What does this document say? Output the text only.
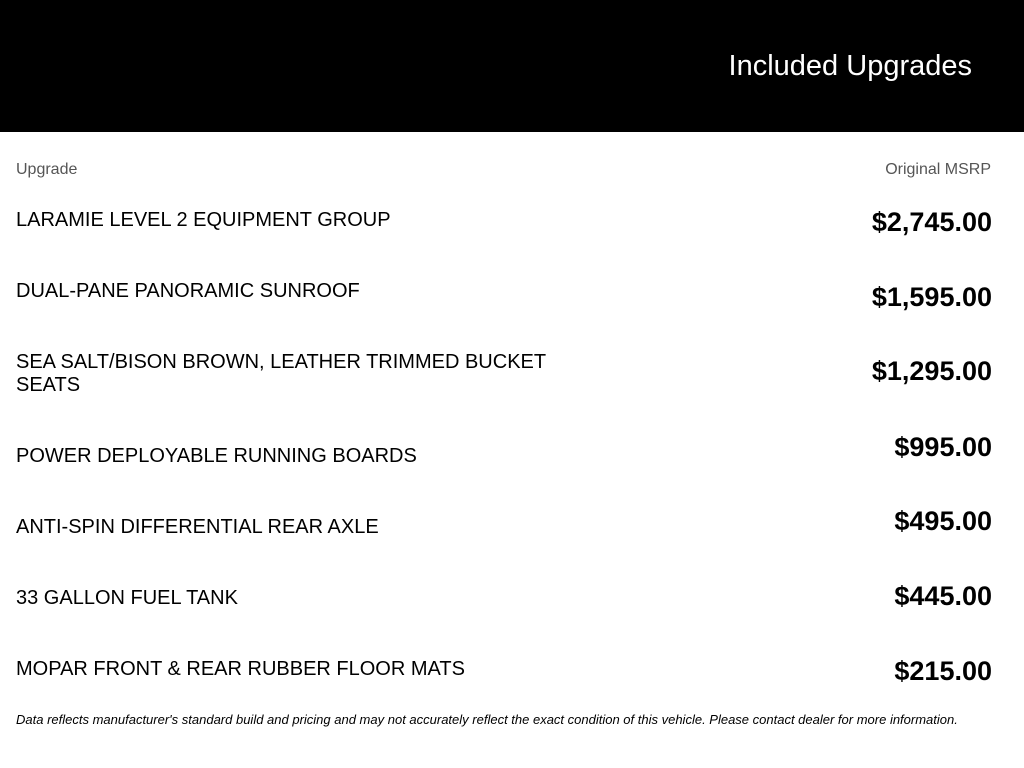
Included Upgrades
Upgrade	Original MSRP
LARAMIE LEVEL 2 EQUIPMENT GROUP	$2,745.00
DUAL-PANE PANORAMIC SUNROOF	$1,595.00
SEA SALT/BISON BROWN, LEATHER TRIMMED BUCKET SEATS	$1,295.00
POWER DEPLOYABLE RUNNING BOARDS	$995.00
ANTI-SPIN DIFFERENTIAL REAR AXLE	$495.00
33 GALLON FUEL TANK	$445.00
MOPAR FRONT & REAR RUBBER FLOOR MATS	$215.00
Data reflects manufacturer's standard build and pricing and may not accurately reflect the exact condition of this vehicle. Please contact dealer for more information.
